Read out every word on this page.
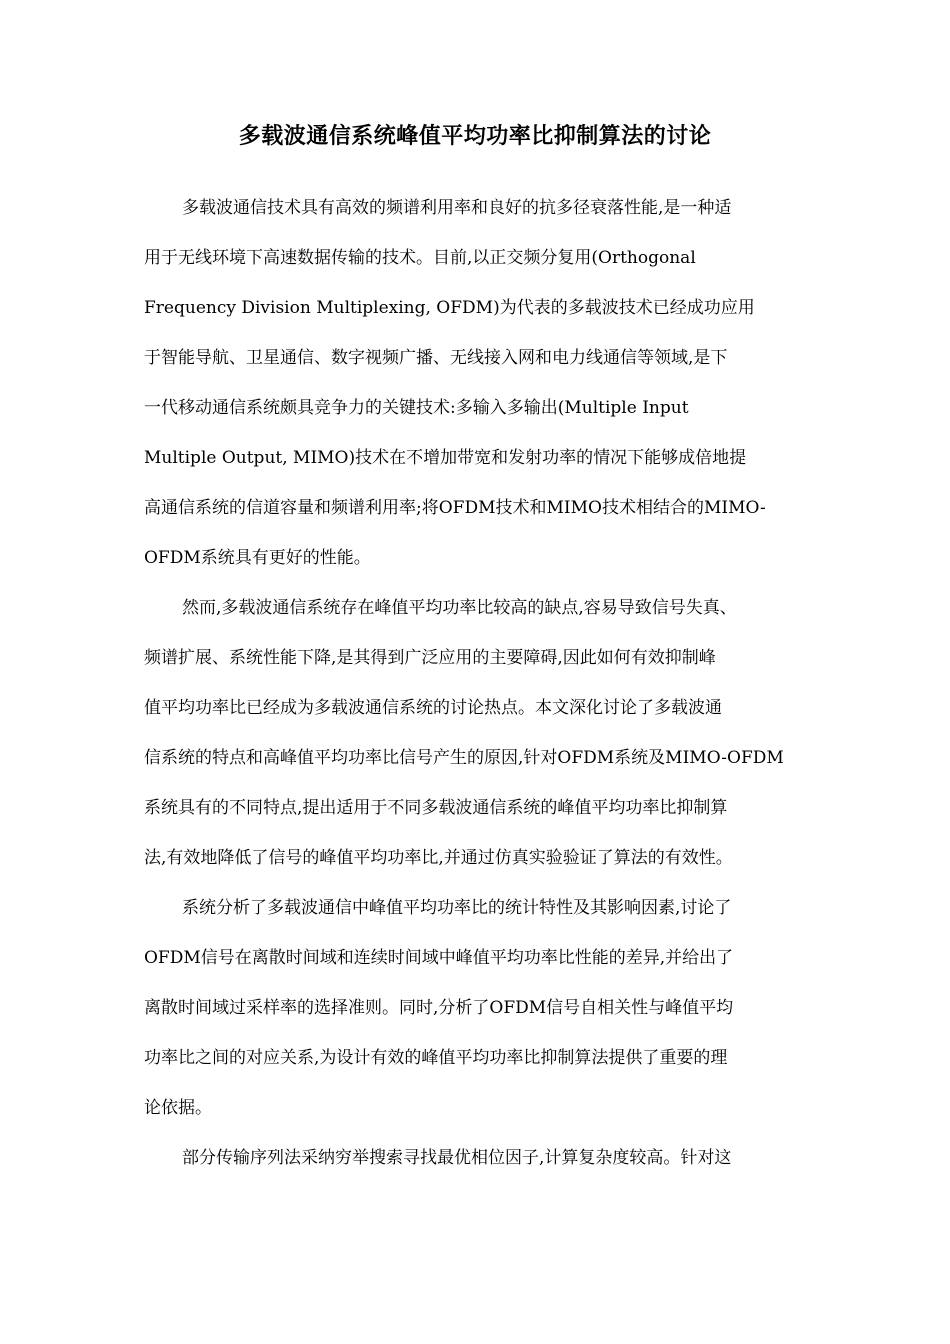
多载波通信系统峰值平均功率比抑制算法的讨论
多载波通信技术具有高效的频谱利用率和良好的抗多径衰落性能,是一种适
用于无线环境下高速数据传输的技术。目前,以正交频分复用(Orthogonal
Frequency Division Multiplexing, OFDM)为代表的多载波技术已经成功应用
于智能导航、卫星通信、数字视频广播、无线接入网和电力线通信等领域,是下
一代移动通信系统颇具竞争力的关键技术:多输入多输出(Multiple Input
Multiple Output, MIMO)技术在不增加带宽和发射功率的情况下能够成倍地提
高通信系统的信道容量和频谱利用率;将OFDM技术和MIMO技术相结合的MIMO-
OFDM系统具有更好的性能。
然而,多载波通信系统存在峰值平均功率比较高的缺点,容易导致信号失真、
频谱扩展、系统性能下降,是其得到广泛应用的主要障碍,因此如何有效抑制峰
值平均功率比已经成为多载波通信系统的讨论热点。本文深化讨论了多载波通
信系统的特点和高峰值平均功率比信号产生的原因,针对OFDM系统及MIMO-OFDM
系统具有的不同特点,提出适用于不同多载波通信系统的峰值平均功率比抑制算
法,有效地降低了信号的峰值平均功率比,并通过仿真实验验证了算法的有效性。
系统分析了多载波通信中峰值平均功率比的统计特性及其影响因素,讨论了
OFDM信号在离散时间域和连续时间域中峰值平均功率比性能的差异,并给出了
离散时间域过采样率的选择准则。同时,分析了OFDM信号自相关性与峰值平均
功率比之间的对应关系,为设计有效的峰值平均功率比抑制算法提供了重要的理
论依据。
部分传输序列法采纳穷举搜索寻找最优相位因子,计算复杂度较高。针对这
